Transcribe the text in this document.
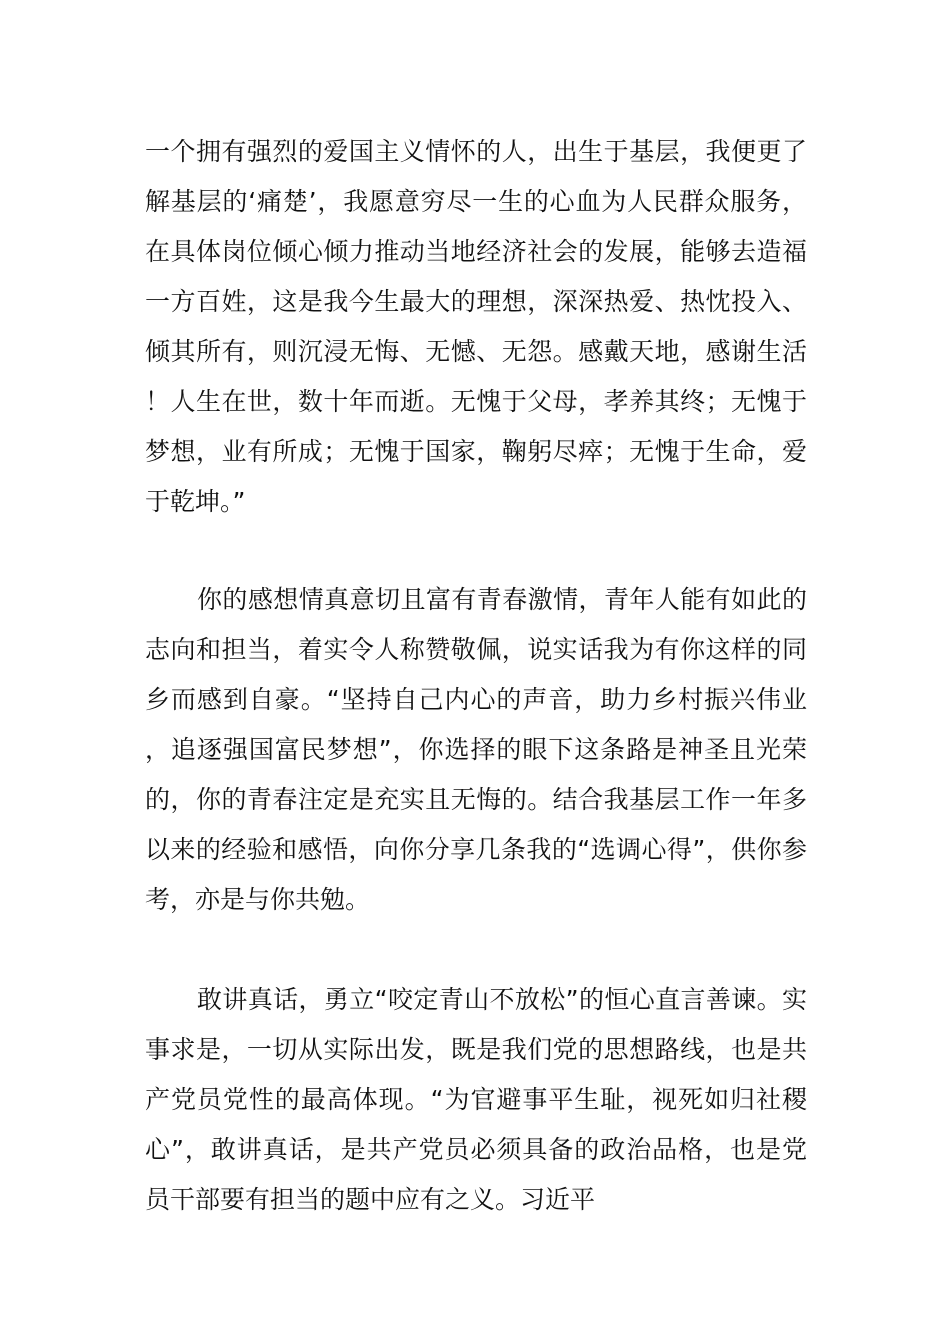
一个拥有强烈的爱国主义情怀的人，出生于基层，我便更了解基层的‘痛楚’，我愿意穷尽一生的心血为人民群众服务，在具体岗位倾心倾力推动当地经济社会的发展，能够去造福一方百姓，这是我今生最大的理想，深深热爱、热忱投入、倾其所有，则沉浸无悔、无憾、无怨。感戴天地，感谢生活！人生在世，数十年而逝。无愧于父母，孝养其终；无愧于梦想，业有所成；无愧于国家，鞠躬尽瘁；无愧于生命，爱于乾坤。”

你的感想情真意切且富有青春激情，青年人能有如此的志向和担当，着实令人称赞敬佩，说实话我为有你这样的同乡而感到自豪。“坚持自己内心的声音，助力乡村振兴伟业，追逐强国富民梦想”，你选择的眼下这条路是神圣且光荣的，你的青春注定是充实且无悔的。结合我基层工作一年多以来的经验和感悟，向你分享几条我的“选调心得”，供你参考，亦是与你共勉。

敢讲真话，勇立“咬定青山不放松”的恒心直言善谏。实事求是，一切从实际出发，既是我们党的思想路线，也是共产党员党性的最高体现。“为官避事平生耻，视死如归社稷心”，敢讲真话，是共产党员必须具备的政治品格，也是党员干部要有担当的题中应有之义。习近平
